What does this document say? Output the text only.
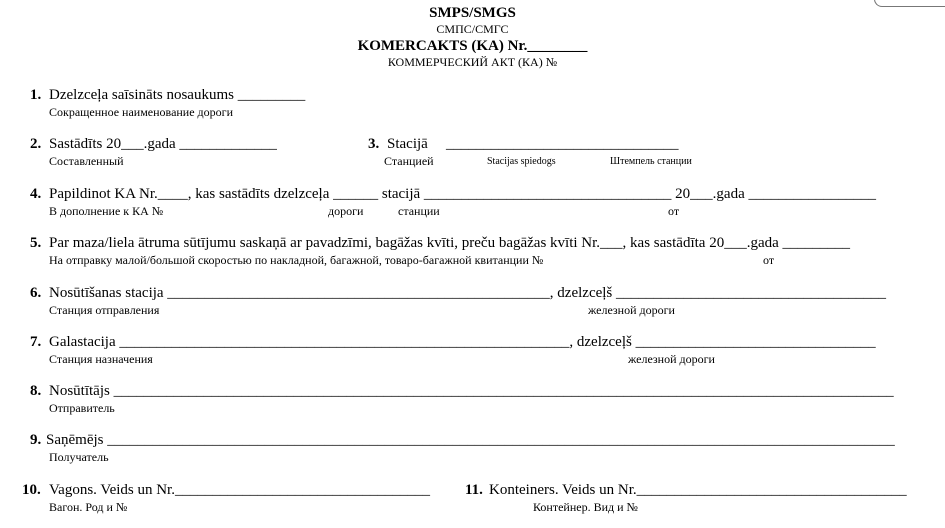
SMPS/SMGS
СМПС/СМГС
KOMERCAKTS (KA) Nr.________
КОММЕРЧЕСКИЙ АКТ (КА) №
1. Dzelzceļa saīsināts nosaukums _________
Сокращенное наименование дороги
2. Sastādīts 20___.gada _____________
Составленный
3. Stacijā _______________________________
Станцией	Stacijas spiedogs	Штемпель станции
4. Papildinot KA Nr.____, kas sastādīts dzelzceļa ______ stacijā _________________________________ 20___.gada _________________
В дополнение к КА №	дороги	станции	от
5. Par maza/liela ātruma sūtījumu saskaņā ar pavadzīmi, bagāžas kvīti, preču bagāžas kvīti Nr.___, kas sastādīta 20___.gada _________
На отправку малой/большой скоростью по накладной, багажной, товаро-багажной квитанции №	от
6. Nosūtīšanas stacija ___________________________________________________, dzelzceļš ____________________________________
Станция отправления	железной дороги
7. Galastacija ____________________________________________________________, dzelzceļš ________________________________
Станция назначения	железной дороги
8. Nosūtītājs ________________________________________________________________________________________________________
Отправитель
9. Saņēmējs _________________________________________________________________________________________________________
Получатель
10. Vagons. Veids un Nr.__________________________________
Вагон. Род и №
11. Konteiners. Veids un Nr.____________________________________
Контейнер. Вид и №
